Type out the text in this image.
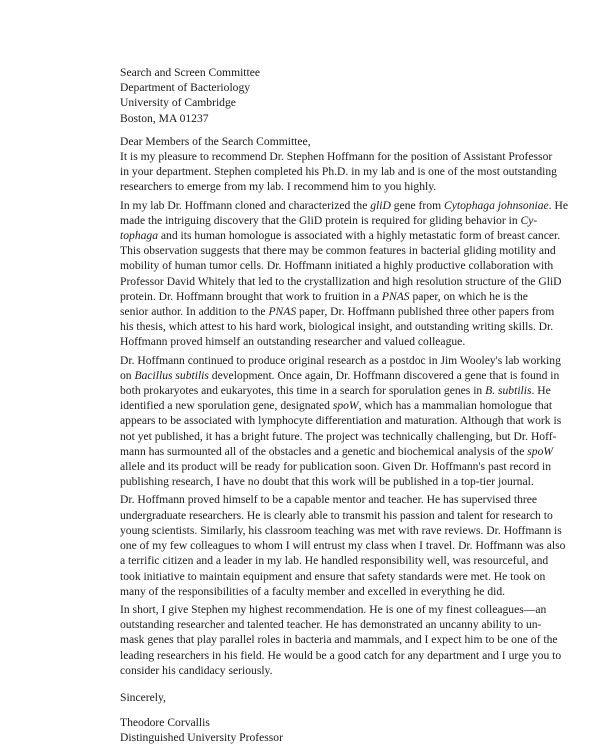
Search and Screen Committee
Department of Bacteriology
University of Cambridge
Boston, MA 01237
Dear Members of the Search Committee,
It is my pleasure to recommend Dr. Stephen Hoffmann for the position of Assistant Professor
in your department. Stephen completed his Ph.D. in my lab and is one of the most outstanding
researchers to emerge from my lab. I recommend him to you highly.
In my lab Dr. Hoffmann cloned and characterized the gliD gene from Cytophaga johnsoniae. He
made the intriguing discovery that the GliD protein is required for gliding behavior in Cy-
tophaga and its human homologue is associated with a highly metastatic form of breast cancer.
This observation suggests that there may be common features in bacterial gliding motility and
mobility of human tumor cells. Dr. Hoffmann initiated a highly productive collaboration with
Professor David Whitely that led to the crystallization and high resolution structure of the GliD
protein. Dr. Hoffmann brought that work to fruition in a PNAS paper, on which he is the
senior author. In addition to the PNAS paper, Dr. Hoffmann published three other papers from
his thesis, which attest to his hard work, biological insight, and outstanding writing skills. Dr.
Hoffmann proved himself an outstanding researcher and valued colleague.
Dr. Hoffmann continued to produce original research as a postdoc in Jim Wooley's lab working
on Bacillus subtilis development. Once again, Dr. Hoffmann discovered a gene that is found in
both prokaryotes and eukaryotes, this time in a search for sporulation genes in B. subtilis. He
identified a new sporulation gene, designated spoW, which has a mammalian homologue that
appears to be associated with lymphocyte differentiation and maturation. Although that work is
not yet published, it has a bright future. The project was technically challenging, but Dr. Hoff-
mann has surmounted all of the obstacles and a genetic and biochemical analysis of the spoW
allele and its product will be ready for publication soon. Given Dr. Hoffmann's past record in
publishing research, I have no doubt that this work will be published in a top-tier journal.
Dr. Hoffmann proved himself to be a capable mentor and teacher. He has supervised three
undergraduate researchers. He is clearly able to transmit his passion and talent for research to
young scientists. Similarly, his classroom teaching was met with rave reviews. Dr. Hoffmann is
one of my few colleagues to whom I will entrust my class when I travel. Dr. Hoffmann was also
a terrific citizen and a leader in my lab. He handled responsibility well, was resourceful, and
took initiative to maintain equipment and ensure that safety standards were met. He took on
many of the responsibilities of a faculty member and excelled in everything he did.
In short, I give Stephen my highest recommendation. He is one of my finest colleagues—an
outstanding researcher and talented teacher. He has demonstrated an uncanny ability to un-
mask genes that play parallel roles in bacteria and mammals, and I expect him to be one of the
leading researchers in his field. He would be a good catch for any department and I urge you to
consider his candidacy seriously.
Sincerely,
Theodore Corvallis
Distinguished University Professor
